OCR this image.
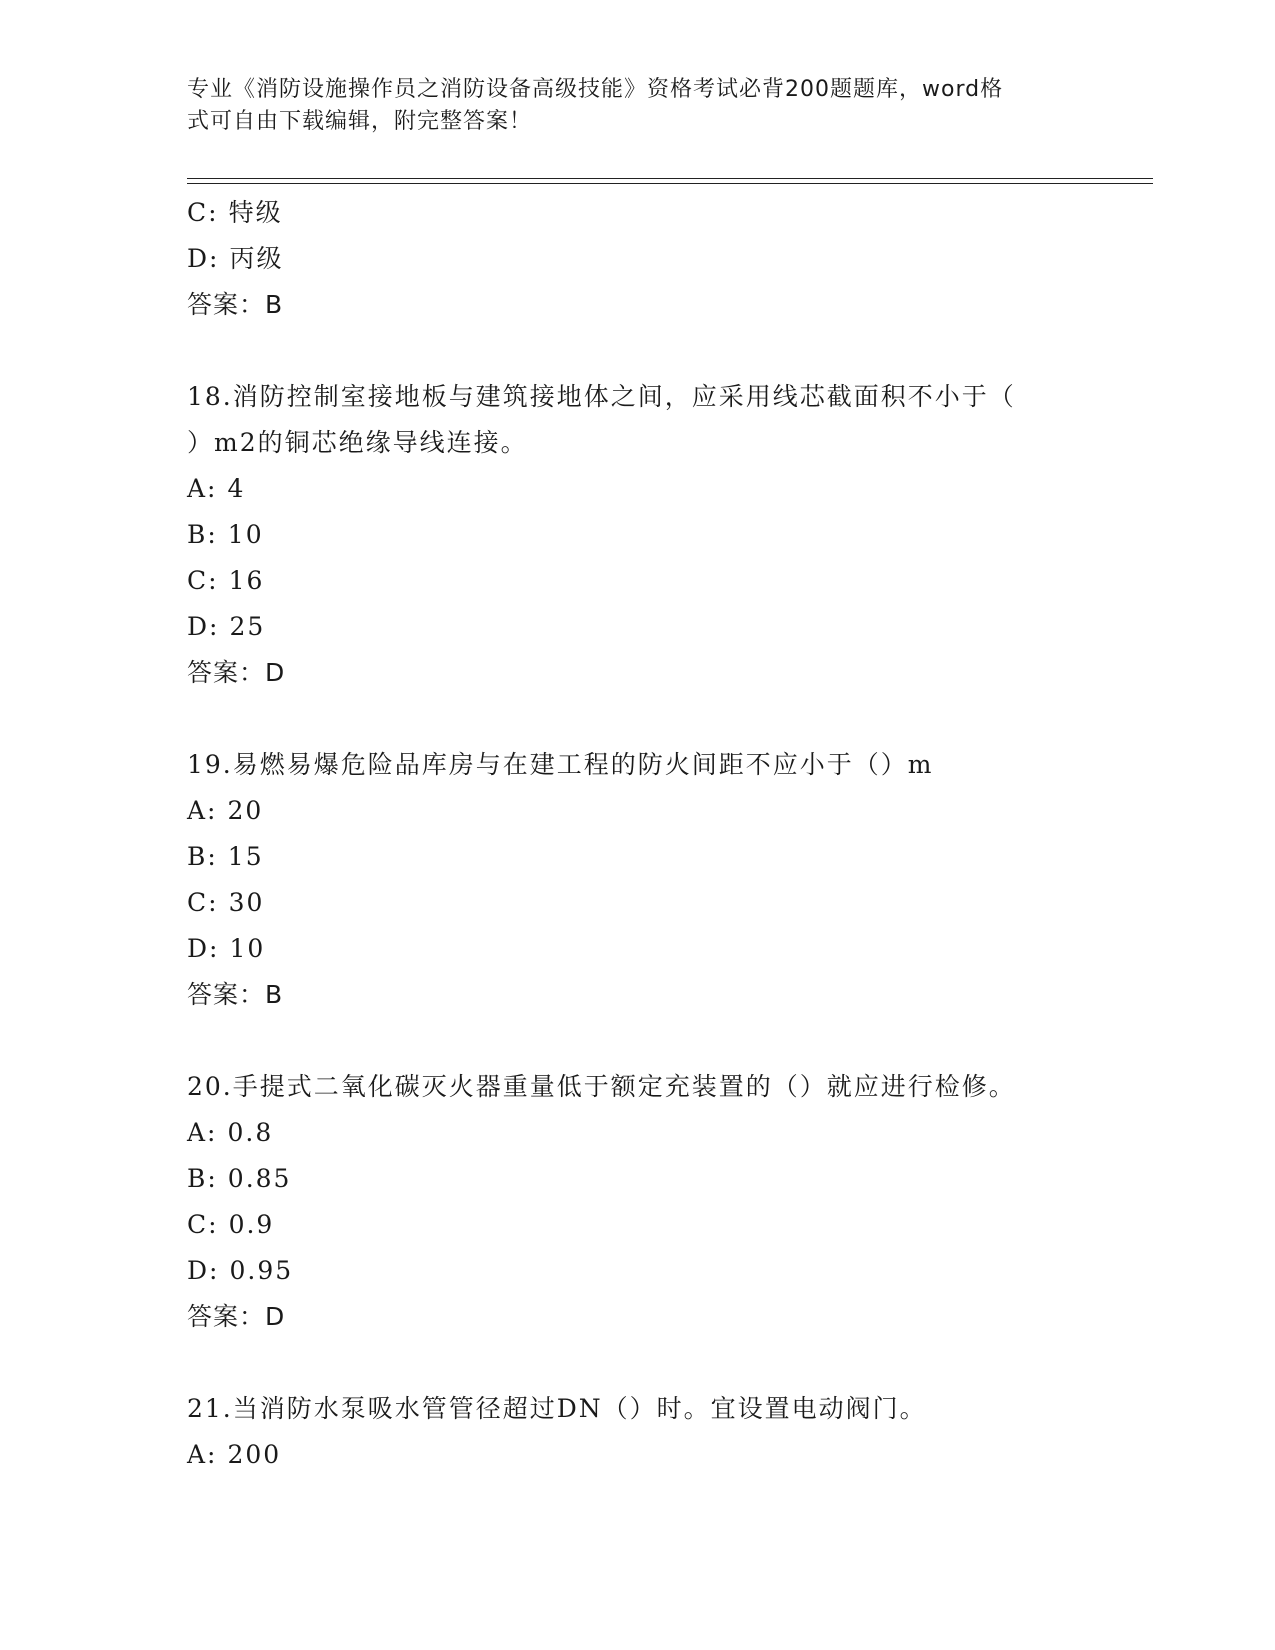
专业《消防设施操作员之消防设备高级技能》资格考试必背200题题库，word格
式可自由下载编辑，附完整答案！
C: 特级
D: 丙级
答案：B
18.消防控制室接地板与建筑接地体之间，应采用线芯截面积不小于（
）m2的铜芯绝缘导线连接。
A: 4
B: 10
C: 16
D: 25
答案：D
19.易燃易爆危险品库房与在建工程的防火间距不应小于（）m
A: 20
B: 15
C: 30
D: 10
答案：B
20.手提式二氧化碳灭火器重量低于额定充装置的（）就应进行检修。
A: 0.8
B: 0.85
C: 0.9
D: 0.95
答案：D
21.当消防水泵吸水管管径超过DN（）时。宜设置电动阀门。
A: 200
